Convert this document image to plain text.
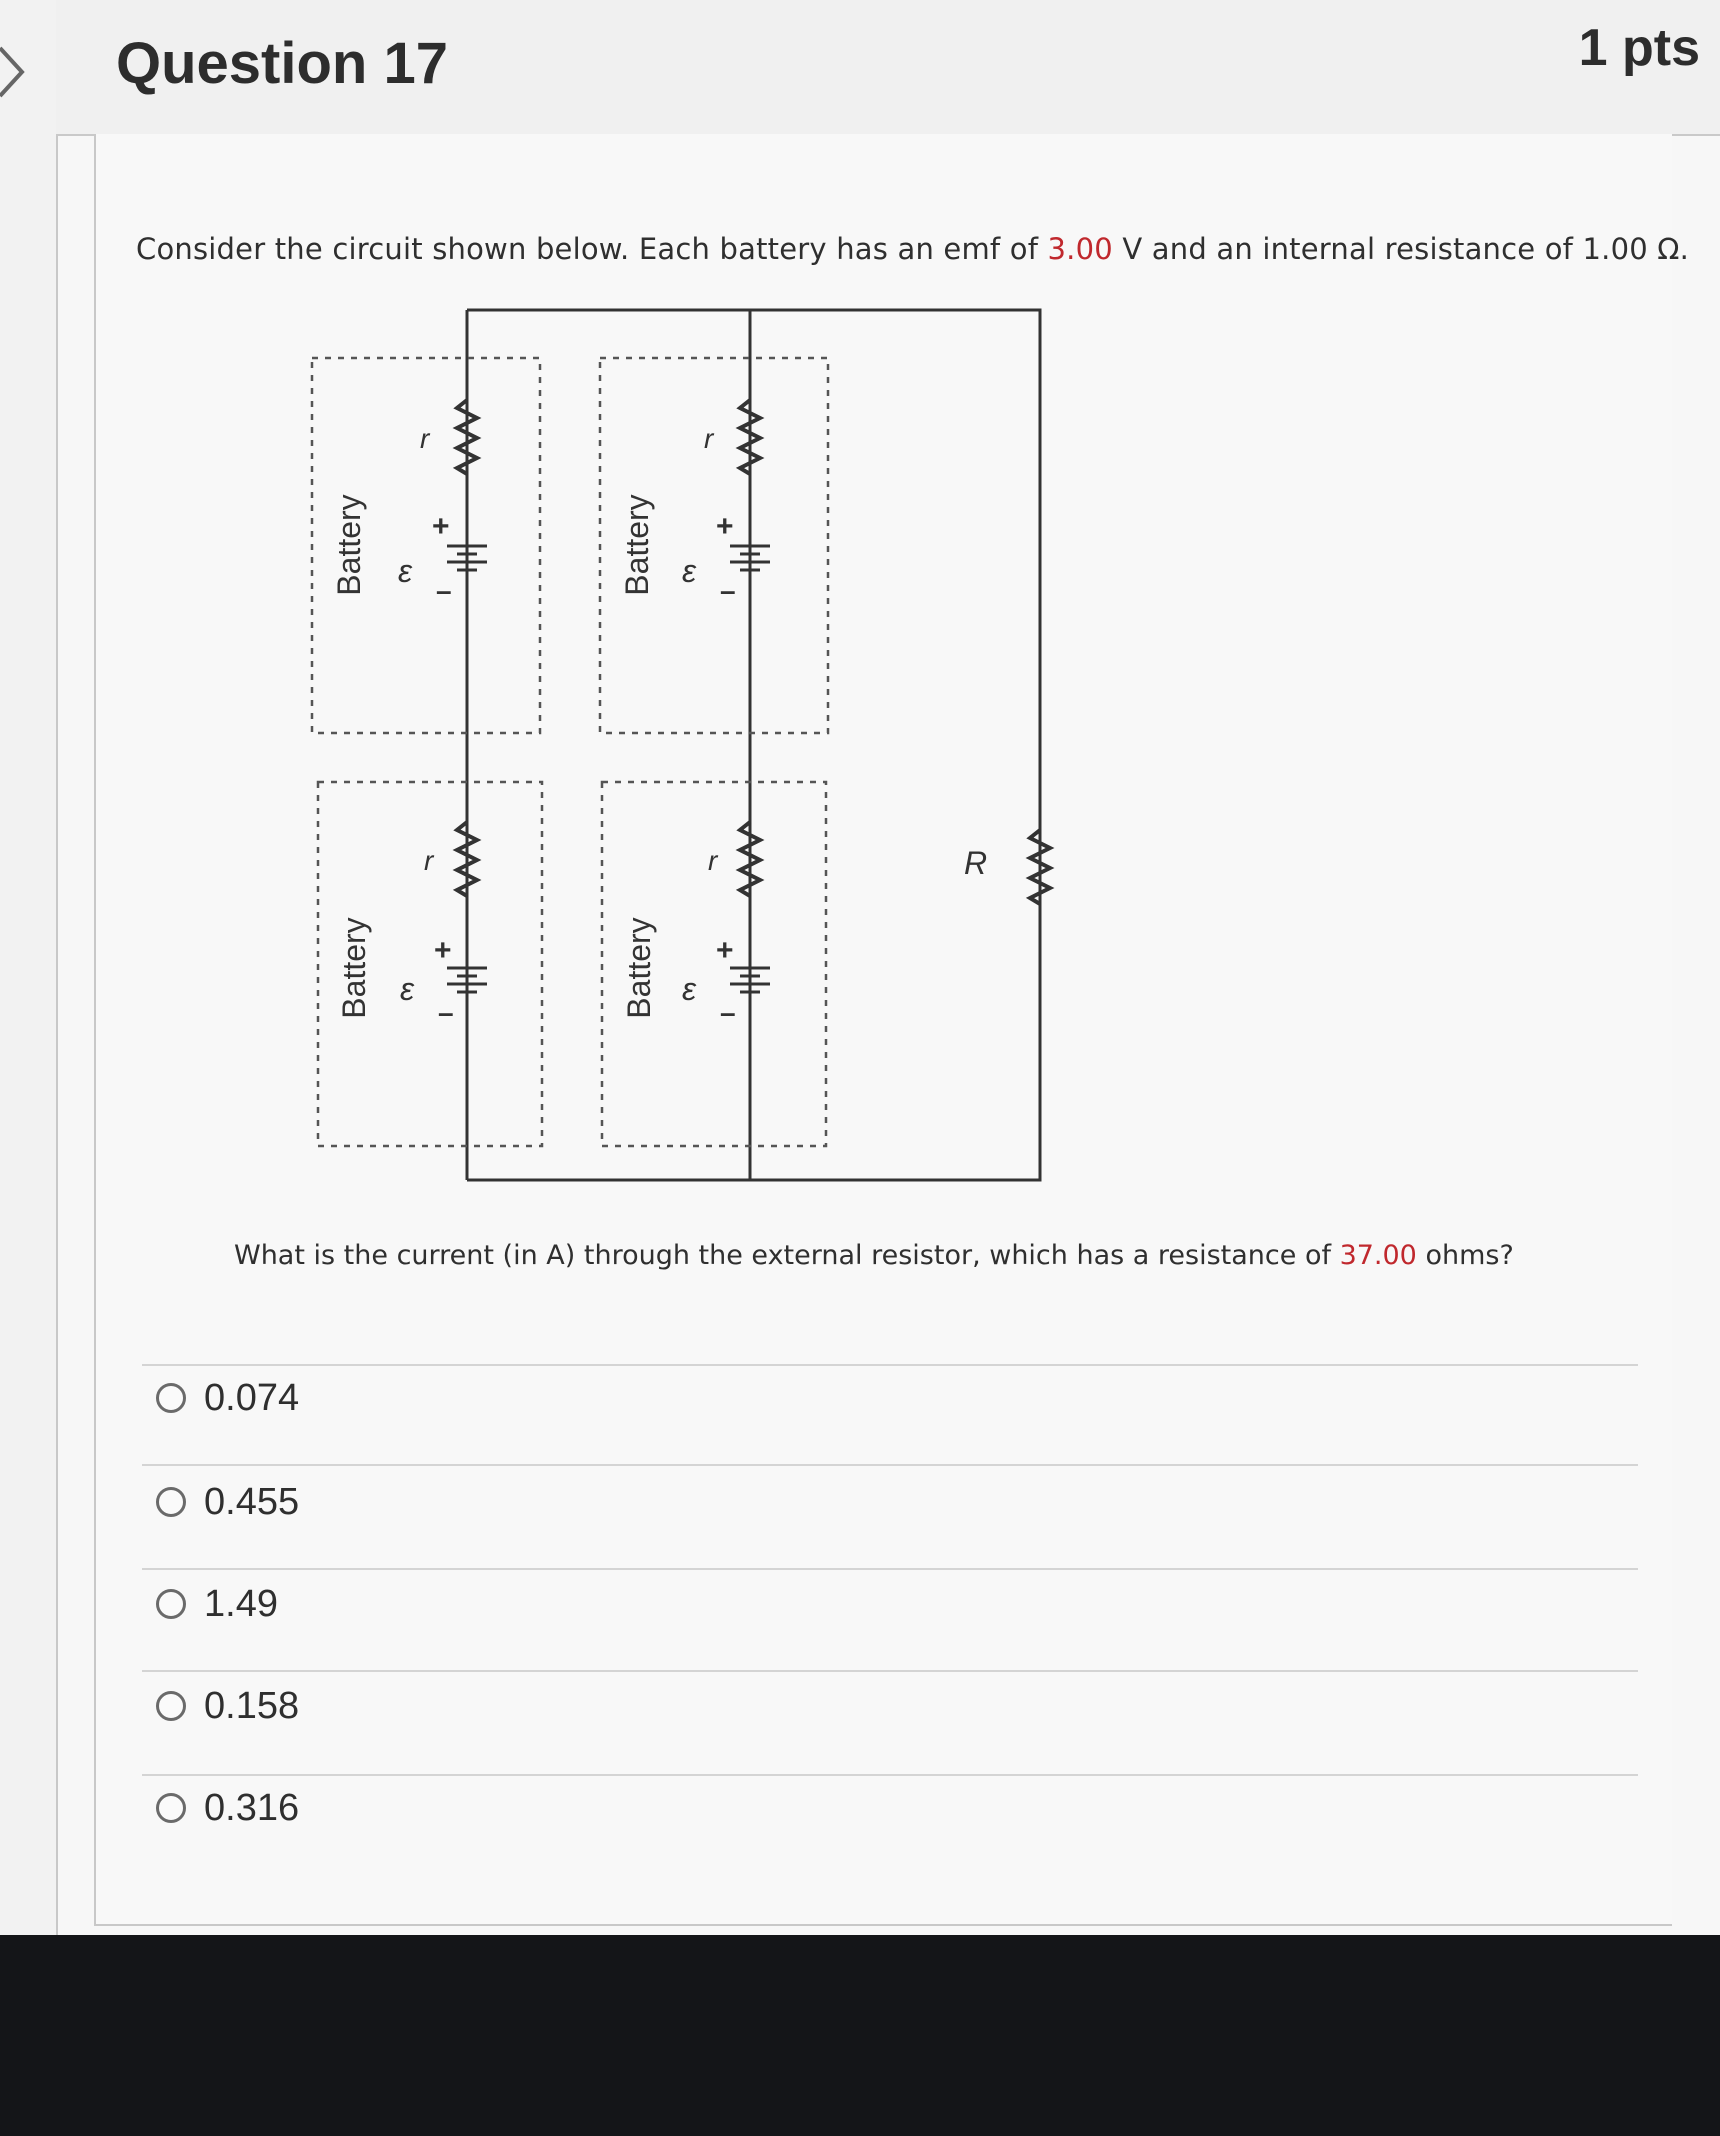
Question 17	1 pts
Consider the circuit shown below. Each battery has an emf of 3.00 V and an internal resistance of 1.00 Ω.
Battery	Battery
Battery	Battery
ε	ε
ε	ε
r	r
r	r
+	+
+	+
–	–
–	–
R
What is the current (in A) through the external resistor, which has a resistance of 37.00 ohms?
0.074
0.455
1.49
0.158
0.316
